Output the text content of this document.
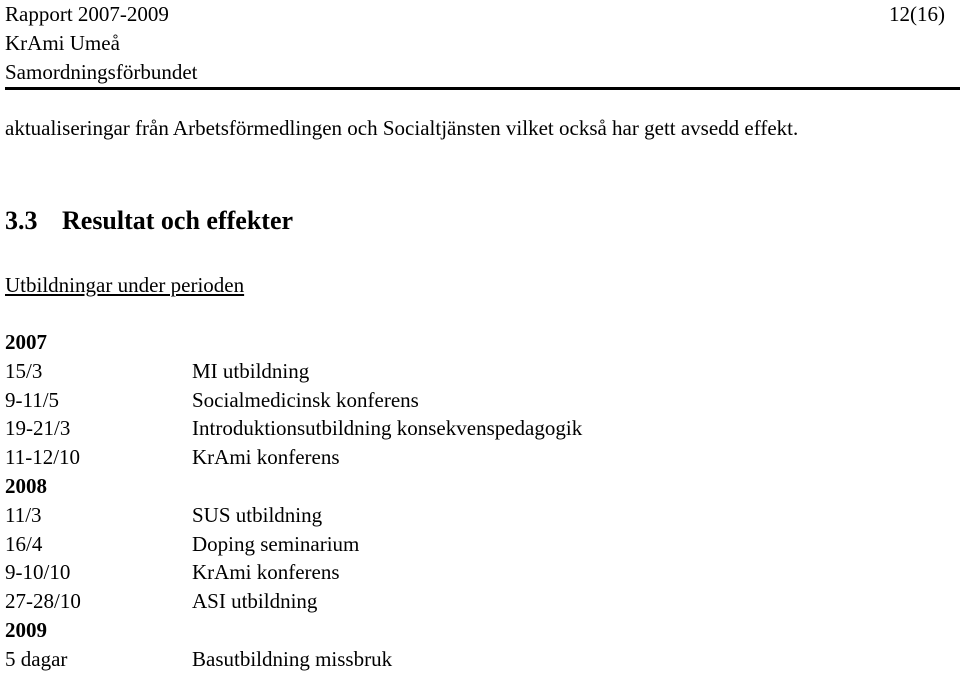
Rapport 2007-2009
KrAmi Umeå
Samordningsförbundet
12(16)
aktualiseringar från Arbetsförmedlingen och Socialtjänsten vilket också har gett avsedd effekt.
3.3 Resultat och effekter
Utbildningar under perioden
2007
15/3	MI utbildning
9-11/5	Socialmedicinsk konferens
19-21/3	Introduktionsutbildning konsekvenspedagogik
11-12/10	KrAmi konferens
2008
11/3	SUS utbildning
16/4	Doping seminarium
9-10/10	KrAmi konferens
27-28/10	ASI utbildning
2009
5 dagar	Basutbildning missbruk
